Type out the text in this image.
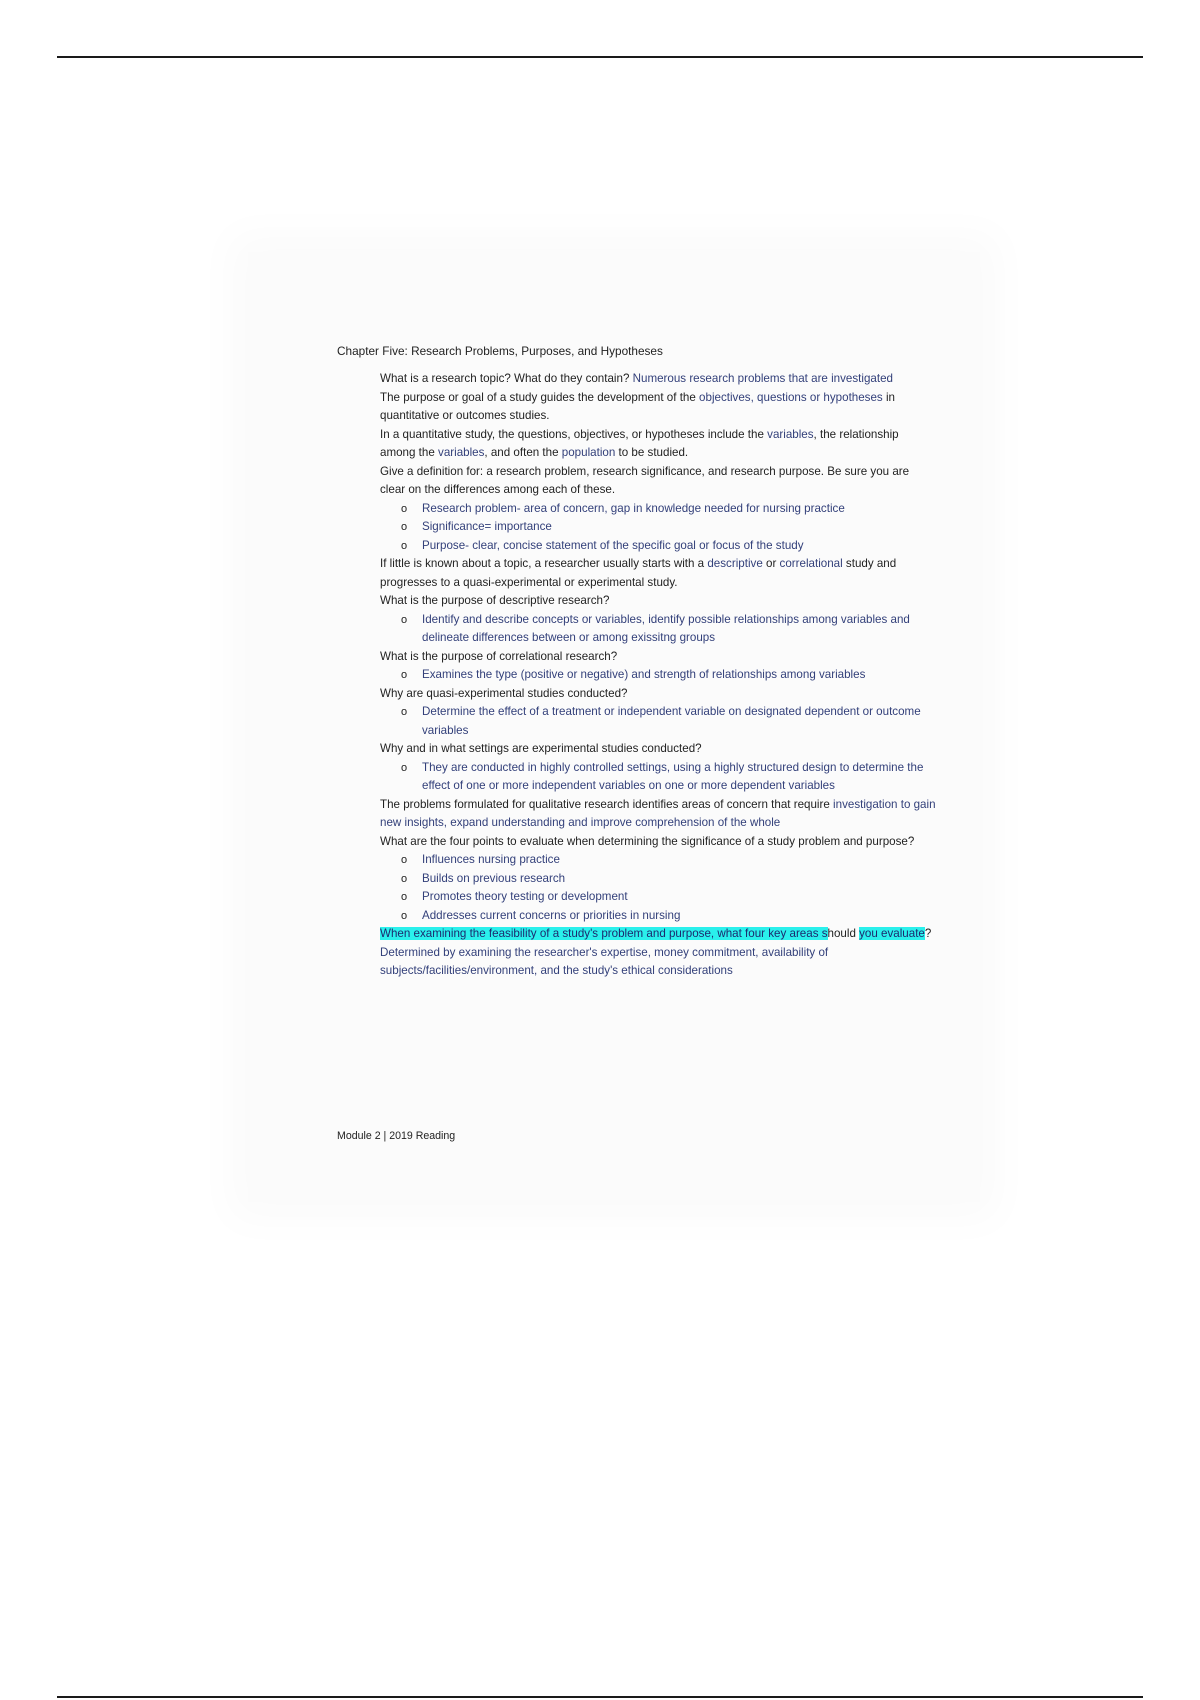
Chapter Five: Research Problems, Purposes, and Hypotheses
What is a research topic? What do they contain? Numerous research problems that are investigated
The purpose or goal of a study guides the development of the objectives, questions or hypotheses in quantitative or outcomes studies.
In a quantitative study, the questions, objectives, or hypotheses include the variables, the relationship among the variables, and often the population to be studied.
Give a definition for: a research problem, research significance, and research purpose. Be sure you are clear on the differences among each of these.
o Research problem- area of concern, gap in knowledge needed for nursing practice
o Significance= importance
o Purpose- clear, concise statement of the specific goal or focus of the study
If little is known about a topic, a researcher usually starts with a descriptive or correlational study and progresses to a quasi-experimental or experimental study.
What is the purpose of descriptive research?
o Identify and describe concepts or variables, identify possible relationships among variables and delineate differences between or among exissitng groups
What is the purpose of correlational research?
o Examines the type (positive or negative) and strength of relationships among variables
Why are quasi-experimental studies conducted?
o Determine the effect of a treatment or independent variable on designated dependent or outcome variables
Why and in what settings are experimental studies conducted?
o They are conducted in highly controlled settings, using a highly structured design to determine the effect of one or more independent variables on one or more dependent variables
The problems formulated for qualitative research identifies areas of concern that require investigation to gain new insights, expand understanding and improve comprehension of the whole
What are the four points to evaluate when determining the significance of a study problem and purpose?
o Influences nursing practice
o Builds on previous research
o Promotes theory testing or development
o Addresses current concerns or priorities in nursing
When examining the feasibility of a study's problem and purpose, what four key areas should you evaluate? Determined by examining the researcher's expertise, money commitment, availability of subjects/facilities/environment, and the study's ethical considerations
Module 2 | 2019 Reading
